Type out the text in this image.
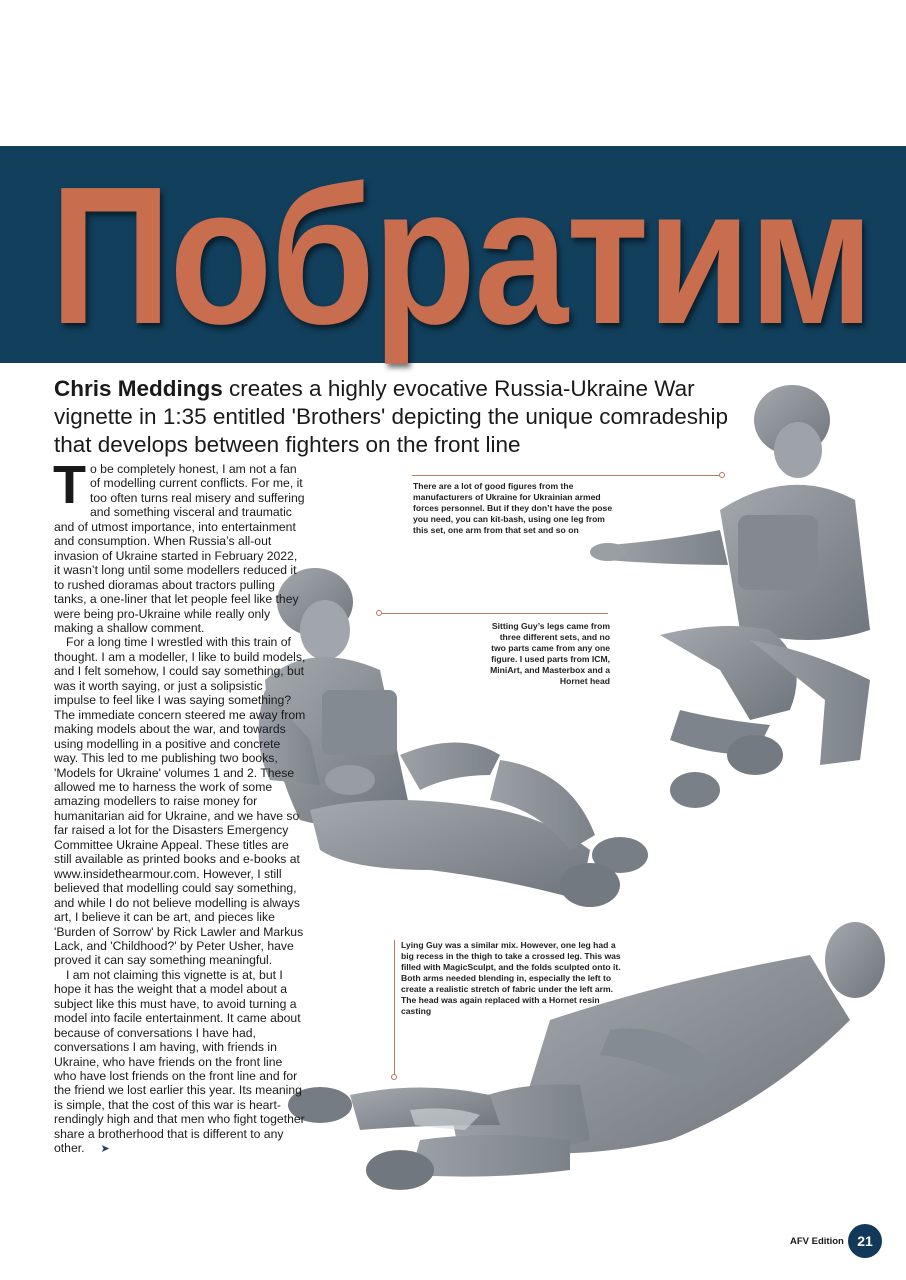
Побратим
Chris Meddings creates a highly evocative Russia-Ukraine War vignette in 1:35 entitled 'Brothers' depicting the unique comradeship that develops between fighters on the front line

To be completely honest, I am not a fan of modelling current conflicts. For me, it too often turns real misery and suffering and something visceral and traumatic and of utmost importance, into entertainment and consumption. When Russia’s all-out invasion of Ukraine started in February 2022, it wasn’t long until some modellers reduced it to rushed dioramas about tractors pulling tanks, a one-liner that let people feel like they were being pro-Ukraine while really only making a shallow comment.

For a long time I wrestled with this train of thought. I am a modeller, I like to build models, and I felt somehow, I could say something, but was it worth saying, or just a solipsistic impulse to feel like I was saying something? The immediate concern steered me away from making models about the war, and towards using modelling in a positive and concrete way. This led to me publishing two books, 'Models for Ukraine' volumes 1 and 2. These allowed me to harness the work of some amazing modellers to raise money for humanitarian aid for Ukraine, and we have so far raised a lot for the Disasters Emergency Committee Ukraine Appeal. These titles are still available as printed books and e-books at www.insidethearmour.com. However, I still believed that modelling could say something, and while I do not believe modelling is always art, I believe it can be art, and pieces like 'Burden of Sorrow' by Rick Lawler and Markus Lack, and 'Childhood?' by Peter Usher, have proved it can say something meaningful.

I am not claiming this vignette is at, but I hope it has the weight that a model about a subject like this must have, to avoid turning a model into facile entertainment. It came about because of conversations I have had, conversations I am having, with friends in Ukraine, who have friends on the front line who have lost friends on the front line and for the friend we lost earlier this year. Its meaning is simple, that the cost of this war is heart-rendingly high and that men who fight together share a brotherhood that is different to any other. ➤

There are a lot of good figures from the manufacturers of Ukraine for Ukrainian armed forces personnel. But if they don’t have the pose you need, you can kit-bash, using one leg from this set, one arm from that set and so on
Sitting Guy’s legs came from three different sets, and no two parts came from any one figure. I used parts from ICM, MiniArt, and Masterbox and a Hornet head
Lying Guy was a similar mix. However, one leg had a big recess in the thigh to take a crossed leg. This was filled with MagicSculpt, and the folds sculpted onto it. Both arms needed blending in, especially the left to create a realistic stretch of fabric under the left arm. The head was again replaced with a Hornet resin casting
AFV Edition 21
